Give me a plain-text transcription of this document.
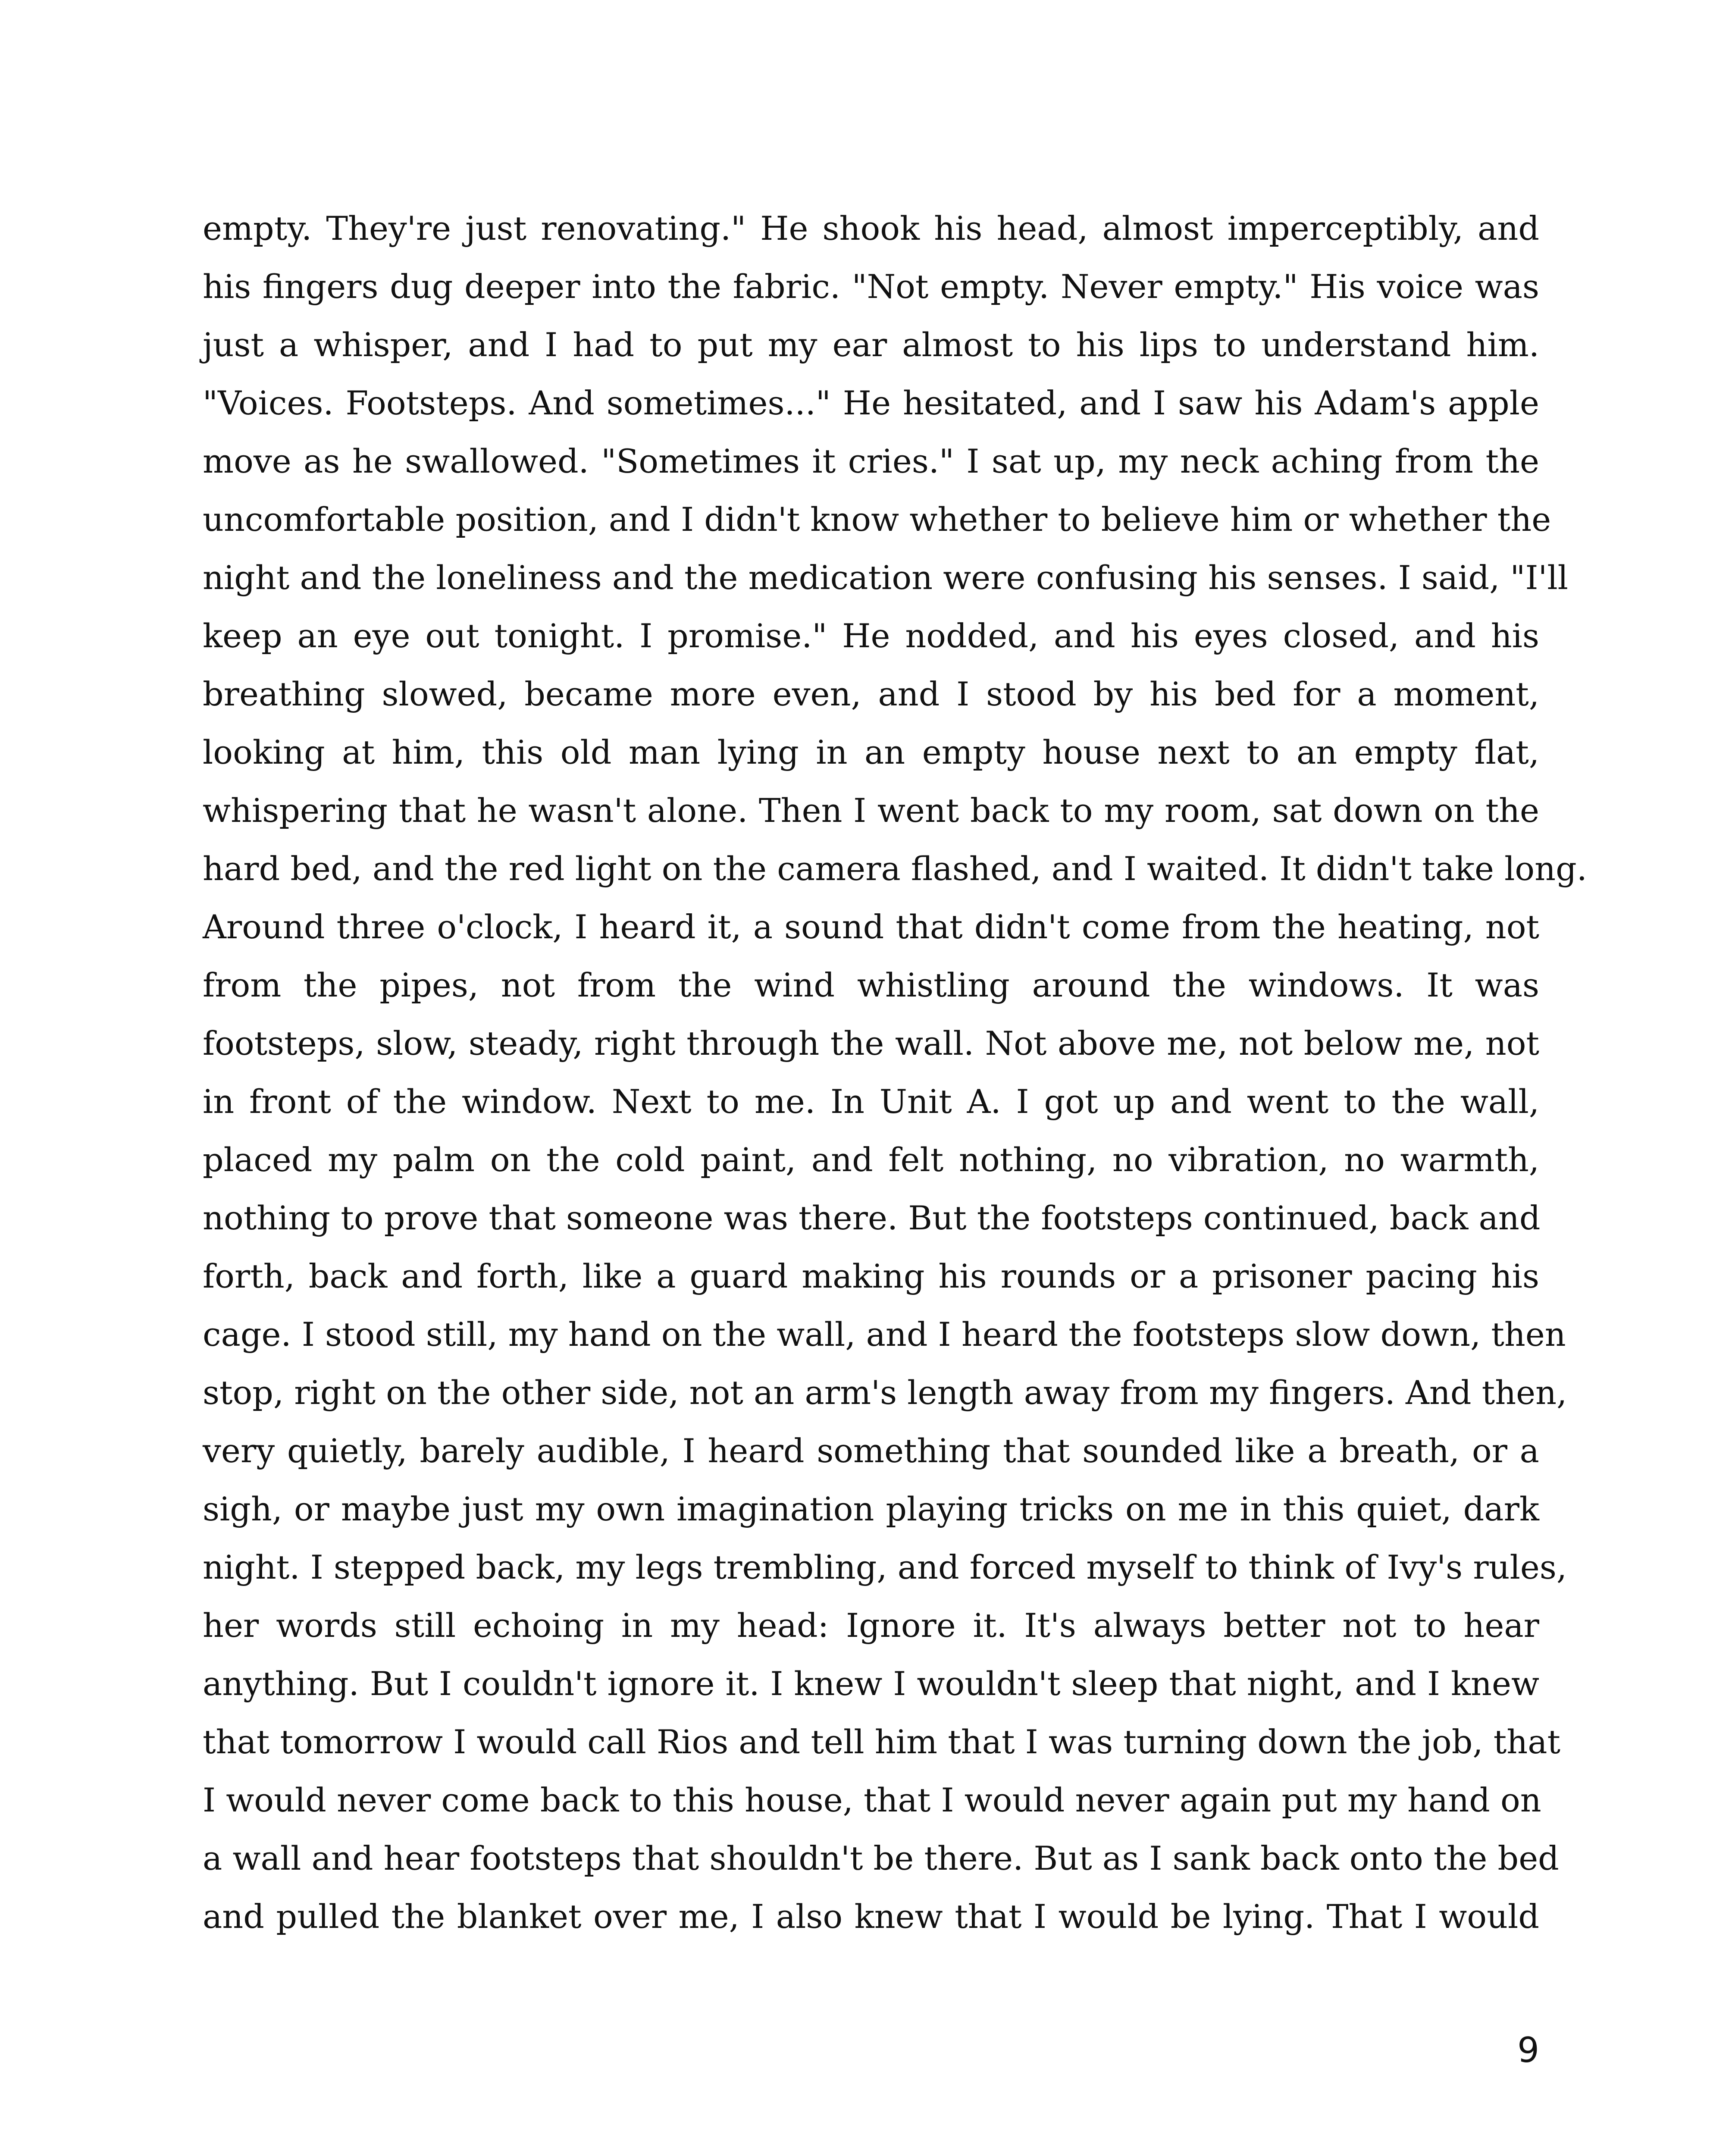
empty. They're just renovating." He shook his head, almost imperceptibly, and
his fingers dug deeper into the fabric. "Not empty. Never empty." His voice was
just a whisper, and I had to put my ear almost to his lips to understand him.
"Voices. Footsteps. And sometimes..." He hesitated, and I saw his Adam's apple
move as he swallowed. "Sometimes it cries." I sat up, my neck aching from the
uncomfortable position, and I didn't know whether to believe him or whether the
night and the loneliness and the medication were confusing his senses. I said, "I'll
keep an eye out tonight. I promise." He nodded, and his eyes closed, and his
breathing slowed, became more even, and I stood by his bed for a moment,
looking at him, this old man lying in an empty house next to an empty flat,
whispering that he wasn't alone. Then I went back to my room, sat down on the
hard bed, and the red light on the camera flashed, and I waited. It didn't take long.
Around three o'clock, I heard it, a sound that didn't come from the heating, not
from the pipes, not from the wind whistling around the windows. It was
footsteps, slow, steady, right through the wall. Not above me, not below me, not
in front of the window. Next to me. In Unit A. I got up and went to the wall,
placed my palm on the cold paint, and felt nothing, no vibration, no warmth,
nothing to prove that someone was there. But the footsteps continued, back and
forth, back and forth, like a guard making his rounds or a prisoner pacing his
cage. I stood still, my hand on the wall, and I heard the footsteps slow down, then
stop, right on the other side, not an arm's length away from my fingers. And then,
very quietly, barely audible, I heard something that sounded like a breath, or a
sigh, or maybe just my own imagination playing tricks on me in this quiet, dark
night. I stepped back, my legs trembling, and forced myself to think of Ivy's rules,
her words still echoing in my head: Ignore it. It's always better not to hear
anything. But I couldn't ignore it. I knew I wouldn't sleep that night, and I knew
that tomorrow I would call Rios and tell him that I was turning down the job, that
I would never come back to this house, that I would never again put my hand on
a wall and hear footsteps that shouldn't be there. But as I sank back onto the bed
and pulled the blanket over me, I also knew that I would be lying. That I would
9
